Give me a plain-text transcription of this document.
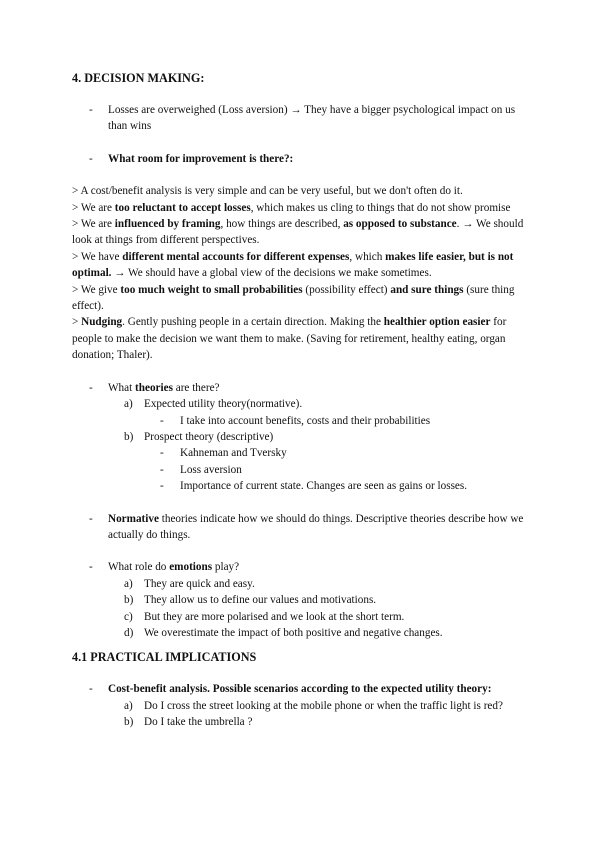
4. DECISION MAKING:
- Losses are overweighed (Loss aversion) → They have a bigger psychological impact on us than wins

- What room for improvement is there?:

> A cost/benefit analysis is very simple and can be very useful, but we don't often do it.

> We are too reluctant to accept losses, which makes us cling to things that do not show promise

> We are influenced by framing, how things are described, as opposed to substance. → We should look at things from different perspectives.

> We have different mental accounts for different expenses, which makes life easier, but is not optimal. → We should have a global view of the decisions we make sometimes.

> We give too much weight to small probabilities (possibility effect) and sure things (sure thing effect).

> Nudging. Gently pushing people in a certain direction. Making the healthier option easier for people to make the decision we want them to make. (Saving for retirement, healthy eating, organ donation; Thaler).

- What theories are there?

a) Expected utility theory(normative).

- I take into account benefits, costs and their probabilities

b) Prospect theory (descriptive)

- Kahneman and Tversky

- Loss aversion

- Importance of current state. Changes are seen as gains or losses.

- Normative theories indicate how we should do things. Descriptive theories describe how we actually do things.

- What role do emotions play?

a) They are quick and easy.

b) They allow us to define our values and motivations.

c) But they are more polarised and we look at the short term.

d) We overestimate the impact of both positive and negative changes.

4.1 PRACTICAL IMPLICATIONS
- Cost-benefit analysis. Possible scenarios according to the expected utility theory:

a) Do I cross the street looking at the mobile phone or when the traffic light is red?

b) Do I take the umbrella ?
